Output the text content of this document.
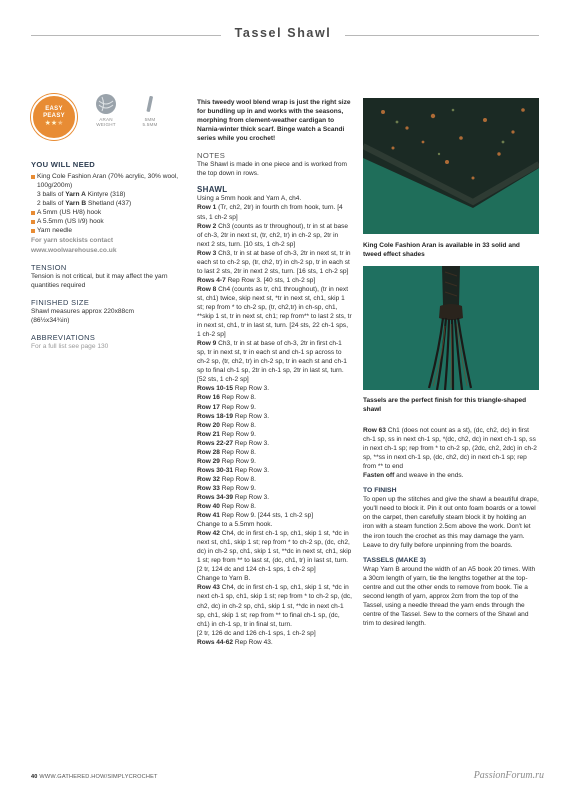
Tassel Shawl
EASY
PEASY
★★★
ARAN
WEIGHT
5MM
5.5MM
YOU WILL NEED
King Cole Fashion Aran (70% acrylic, 30% wool, 100g/200m)
3 balls of Yarn A Kintyre (318)
2 balls of Yarn B Shetland (437)
A 5mm (US H/8) hook
A 5.5mm (US I/9) hook
Yarn needle

For yarn stockists contact

www.woolwarehouse.co.uk

TENSION

Tension is not critical, but it may affect the yarn quantities required

FINISHED SIZE

Shawl measures approx 220x88cm

(86½x34¾in)

ABBREVIATIONS

For a full list see page 130

This tweedy wool blend wrap is just the right size for bundling up in and works with the seasons, morphing from clement-weather cardigan to Narnia-winter thick scarf. Binge watch a Scandi series while you crochet!

NOTES

The Shawl is made in one piece and is worked from the top down in rows.

SHAWL

Using a 5mm hook and Yarn A, ch4.

Row 1 (Tr, ch2, 2tr) in fourth ch from hook, turn. [4 sts, 1 ch-2 sp]

Row 2 Ch3 (counts as tr throughout), tr in st at base of ch-3, 2tr in next st, (tr, ch2, tr) in ch-2 sp, 2tr in next 2 sts, turn. [10 sts, 1 ch-2 sp]

Row 3 Ch3, tr in st at base of ch-3, 2tr in next st, tr in each st to ch-2 sp, (tr, ch2, tr) in ch-2 sp, tr in each st to last 2 sts, 2tr in next 2 sts, turn. [16 sts, 1 ch-2 sp]

Rows 4-7 Rep Row 3. [40 sts, 1 ch-2 sp]

Row 8 Ch4 (counts as tr, ch1 throughout), (tr in next st, ch1) twice, skip next st, *tr in next st, ch1, skip 1 st; rep from * to ch-2 sp, (tr, ch2,tr) in ch-sp, ch1, **skip 1 st, tr in next st, ch1; rep from** to last 2 sts, tr in next st, ch1, tr in last st, turn. [24 sts, 22 ch-1 sps, 1 ch-2 sp]

Row 9 Ch3, tr in st at base of ch-3, 2tr in first ch-1 sp, tr in next st, tr in each st and ch-1 sp across to ch-2 sp, (tr, ch2, tr) in ch-2 sp, tr in each st and ch-1 sp to final ch-1 sp, 2tr in ch-1 sp, 2tr in last st, turn. [52 sts, 1 ch-2 sp]

Rows 10-15 Rep Row 3.

Row 16 Rep Row 8.

Row 17 Rep Row 9.

Rows 18-19 Rep Row 3.

Row 20 Rep Row 8.

Row 21 Rep Row 9.

Rows 22-27 Rep Row 3.

Row 28 Rep Row 8.

Row 29 Rep Row 9.

Rows 30-31 Rep Row 3.

Row 32 Rep Row 8.

Row 33 Rep Row 9.

Rows 34-39 Rep Row 3.

Row 40 Rep Row 8.

Row 41 Rep Row 9. [244 sts, 1 ch-2 sp]

Change to a 5.5mm hook.

Row 42 Ch4, dc in first ch-1 sp, ch1, skip 1 st, *dc in next st, ch1, skip 1 st; rep from * to ch-2 sp, (dc, ch2, dc) in ch-2 sp, ch1, skip 1 st, **dc in next st, ch1, skip 1 st; rep from ** to last st, (dc, ch1, tr) in last st, turn.

[2 tr, 124 dc and 124 ch-1 sps, 1 ch-2 sp]

Change to Yarn B.

Row 43 Ch4, dc in first ch-1 sp, ch1, skip 1 st, *dc in next ch-1 sp, ch1, skip 1 st; rep from * to ch-2 sp, (dc, ch2, dc) in ch-2 sp, ch1, skip 1 st, **dc in next ch-1 sp, ch1, skip 1 st; rep from ** to final ch-1 sp, (dc, ch1) in ch-1 sp, tr in final st, turn.

[2 tr, 126 dc and 126 ch-1 sps, 1 ch-2 sp]

Rows 44-62 Rep Row 43.

King Cole Fashion Aran is available in 33 solid and tweed effect shades
Tassels are the perfect finish for this triangle-shaped shawl

Row 63 Ch1 (does not count as a st), (dc, ch2, dc) in first ch-1 sp, ss in next ch-1 sp, *(dc, ch2, dc) in next ch-1 sp, ss in next ch-1 sp; rep from * to ch-2 sp, (2dc, ch2, 2dc) in ch-2 sp, **ss in next ch-1 sp, (dc, ch2, dc) in next ch-1 sp; rep from ** to end

Fasten off and weave in the ends.

TO FINISH

To open up the stitches and give the shawl a beautiful drape, you'll need to block it. Pin it out onto foam boards or a towel on the carpet, then carefully steam block it by holding an iron with a steam function 2.5cm above the work. Don't let the iron touch the crochet as this may damage the yarn. Leave to dry fully before unpinning from the boards.

TASSELS (MAKE 3)

Wrap Yarn B around the width of an A5 book 20 times. With a 30cm length of yarn, tie the lengths together at the top-centre and cut the other ends to remove from book. Tie a second length of yarn, approx 2cm from the top of the Tassel, using a needle thread the yarn ends through the centre of the Tassel. Sew to the corners of the Shawl and trim to desired length.

40 WWW.GATHERED.HOW/SIMPLYCROCHET	PassionForum.ru
